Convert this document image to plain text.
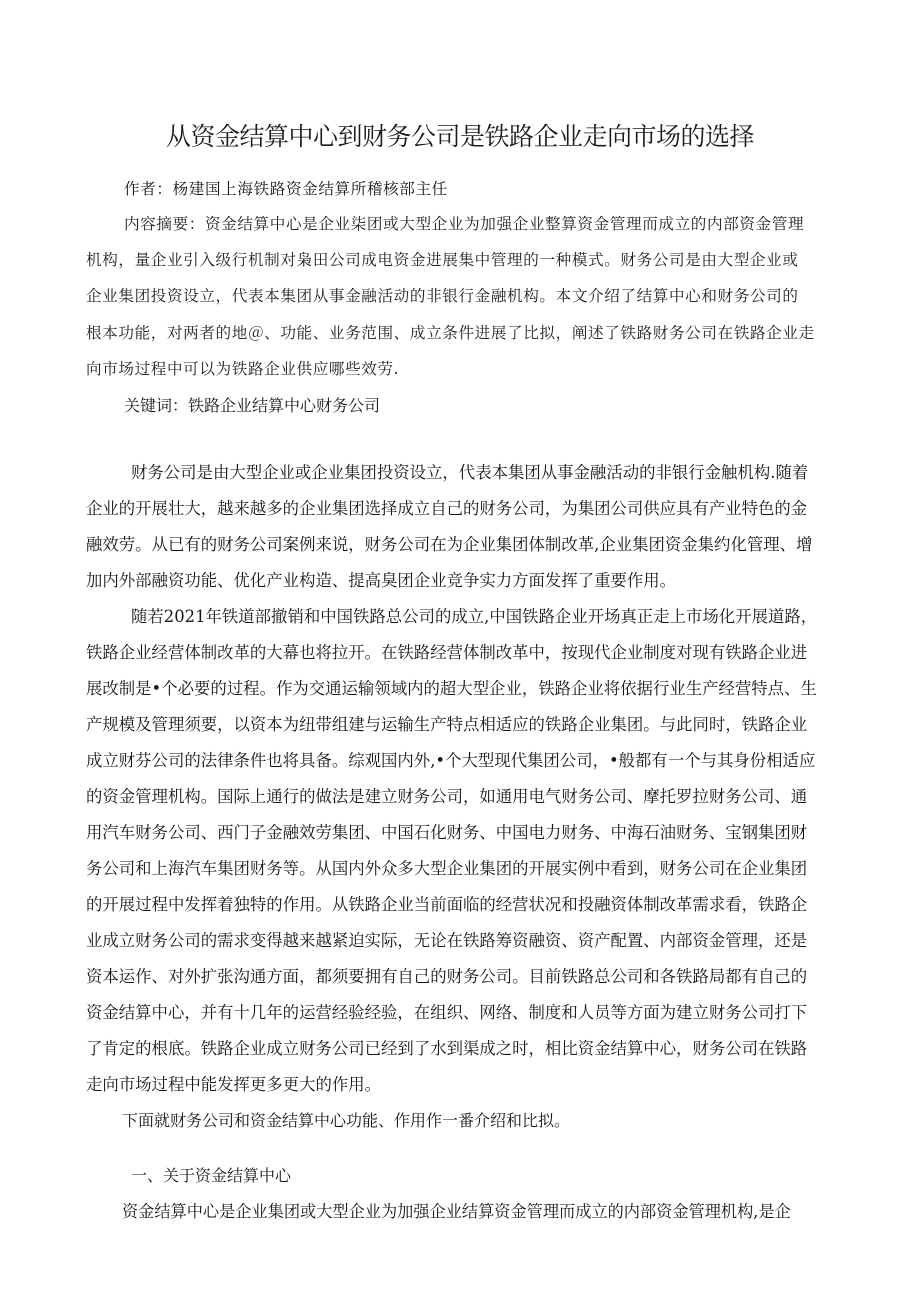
从资金结算中心到财务公司是铁路企业走向市场的选择
作者：杨建国上海铁路资金结算所稽核部主任
内容摘要：资金结算中心是企业柒团或大型企业为加强企业整算资金管理而成立的内部资金管理
机构，量企业引入级行机制对枭田公司成电资金进展集中管理的一种模式。财务公司是由大型企业或
企业集团投资设立，代表本集团从事金融活动的非银行金融机构。本文介绍了结算中心和财务公司的
根本功能，对两者的地＠、功能、业务范围、成立条件进展了比拟，阐述了铁路财务公司在铁路企业走
向市场过程中可以为铁路企业供应哪些效劳.
关键词：铁路企业结算中心财务公司
财务公司是由大型企业或企业集团投资设立，代表本集团从事金融活动的非银行金触机构.随着
企业的开展壮大，越来越多的企业集团选择成立自己的财务公司，为集团公司供应具有产业特色的金
融效劳。从已有的财务公司案例来说，财务公司在为企业集团体制改革,企业集团资金集约化管理、增
加内外部融资功能、优化产业构造、提高臭团企业竞争实力方面发挥了重要作用。
随若2021年铁道部撤销和中国铁路总公司的成立,中国铁路企业开场真正走上市场化开展道路，
铁路企业经营体制改革的大幕也将拉开。在铁路经营体制改革中，按现代企业制度对现有铁路企业进
展改制是•个必要的过程。作为交通运输领域内的超大型企业，铁路企业将依据行业生产经营特点、生
产规模及管理须要，以资本为纽带组建与运输生产特点相适应的铁路企业集团。与此同时，铁路企业
成立财芬公司的法律条件也将具备。综观国内外,•个大型现代集团公司，•般都有一个与其身份相适应
的资金管理机构。国际上通行的做法是建立财务公司，如通用电气财务公司、摩托罗拉财务公司、通
用汽车财务公司、西门子金融效劳集团、中国石化财务、中国电力财务、中海石油财务、宝钢集团财
务公司和上海汽车集团财务等。从国内外众多大型企业集团的开展实例中看到，财务公司在企业集团
的开展过程中发挥着独特的作用。从铁路企业当前面临的经营状况和投融资体制改革需求看，铁路企
业成立财务公司的需求变得越来越紧迫实际，无论在铁路筹资融资、资产配置、内部资金管理，还是
资本运作、对外扩张沟通方面，都须要拥有自己的财务公司。目前铁路总公司和各铁路局都有自己的
资金结算中心，并有十几年的运营经验经验，在组织、网络、制度和人员等方面为建立财务公司打下
了肯定的根底。铁路企业成立财务公司已经到了水到渠成之时，相比资金结算中心，财务公司在铁路
走向市场过程中能发挥更多更大的作用。
下面就财务公司和资金结算中心功能、作用作一番介绍和比拟。
一、关于资金结算中心
资金结算中心是企业集团或大型企业为加强企业结算资金管理而成立的内部资金管理机构,是企
